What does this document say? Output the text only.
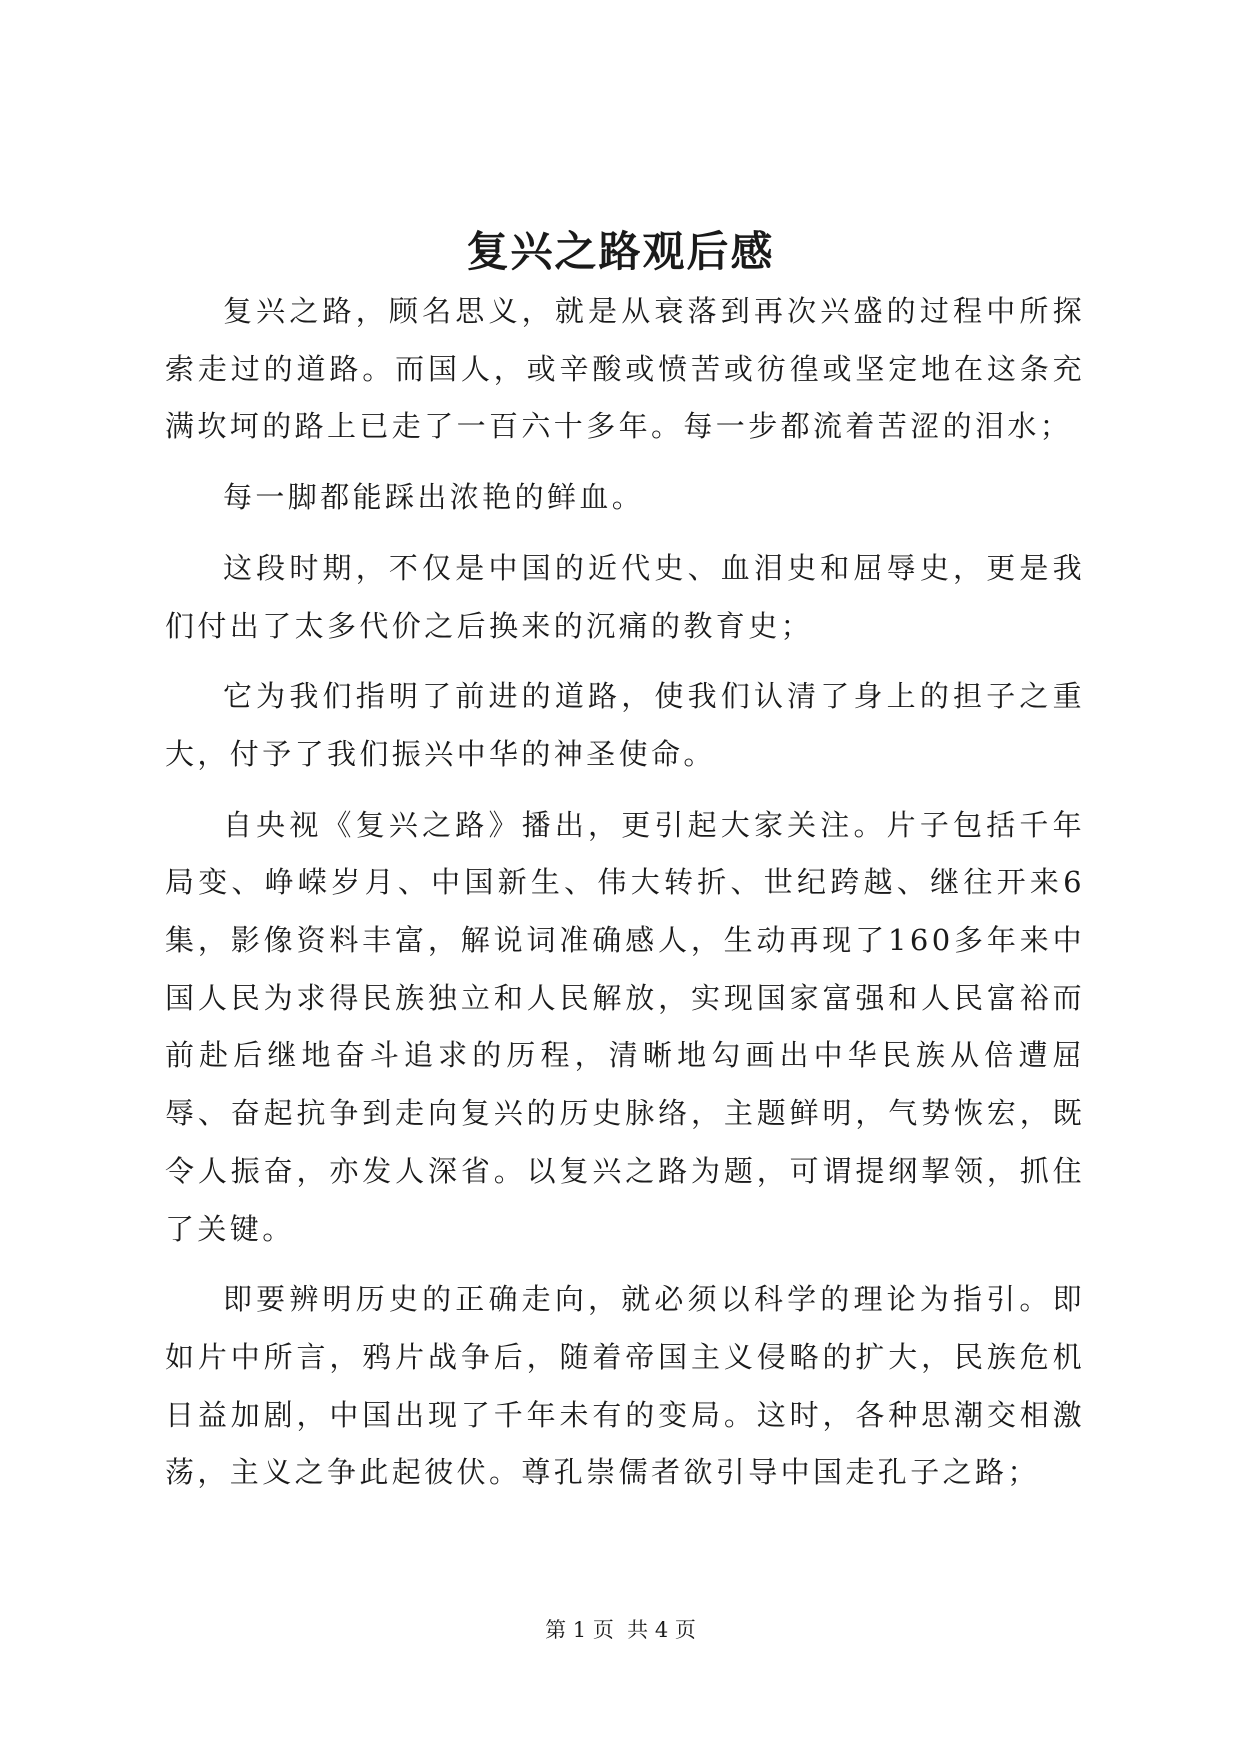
复兴之路观后感

复兴之路，顾名思义，就是从衰落到再次兴盛的过程中所探索走过的道路。而国人，或辛酸或愤苦或彷徨或坚定地在这条充满坎坷的路上已走了一百六十多年。每一步都流着苦涩的泪水；

每一脚都能踩出浓艳的鲜血。

这段时期，不仅是中国的近代史、血泪史和屈辱史，更是我们付出了太多代价之后换来的沉痛的教育史；

它为我们指明了前进的道路，使我们认清了身上的担子之重大，付予了我们振兴中华的神圣使命。

自央视《复兴之路》播出，更引起大家关注。片子包括千年局变、峥嵘岁月、中国新生、伟大转折、世纪跨越、继往开来6集，影像资料丰富，解说词准确感人，生动再现了160多年来中国人民为求得民族独立和人民解放，实现国家富强和人民富裕而前赴后继地奋斗追求的历程，清晰地勾画出中华民族从倍遭屈辱、奋起抗争到走向复兴的历史脉络，主题鲜明，气势恢宏，既令人振奋，亦发人深省。以复兴之路为题，可谓提纲挈领，抓住了关键。

即要辨明历史的正确走向，就必须以科学的理论为指引。即如片中所言，鸦片战争后，随着帝国主义侵略的扩大，民族危机日益加剧，中国出现了千年未有的变局。这时，各种思潮交相激荡，主义之争此起彼伏。尊孔崇儒者欲引导中国走孔子之路；

第 1 页  共 4 页
